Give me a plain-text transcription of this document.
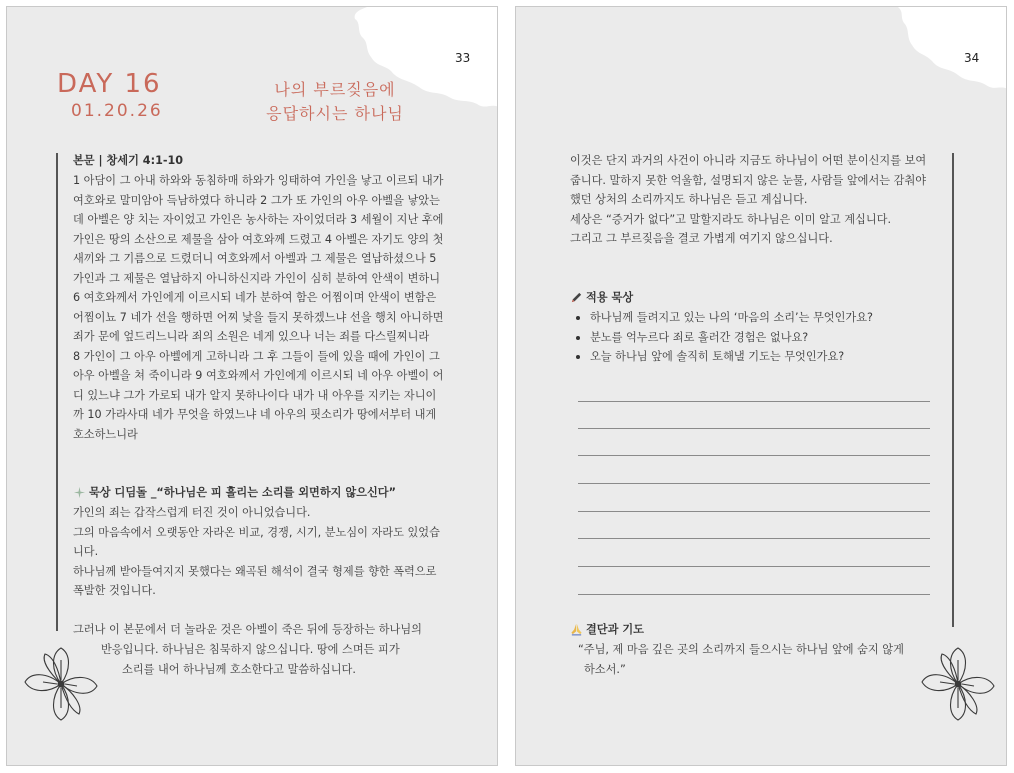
33
DAY 16
01.20.26
나의 부르짖음에
응답하시는 하나님
본문 | 창세기 4:1-10
1 아담이 그 아내 하와와 동침하매 하와가 잉태하여 가인을 낳고 이르되 내가
여호와로 말미암아 득남하였다 하니라 2 그가 또 가인의 아우 아벨을 낳았는
데 아벨은 양 치는 자이었고 가인은 농사하는 자이었더라 3 세월이 지난 후에
가인은 땅의 소산으로 제물을 삼아 여호와께 드렸고 4 아벨은 자기도 양의 첫
새끼와 그 기름으로 드렸더니 여호와께서 아벨과 그 제물은 열납하셨으나 5
가인과 그 제물은 열납하지 아니하신지라 가인이 심히 분하여 안색이 변하니
6 여호와께서 가인에게 이르시되 네가 분하여 함은 어찜이며 안색이 변함은
어찜이뇨 7 네가 선을 행하면 어찌 낯을 들지 못하겠느냐 선을 행치 아니하면
죄가 문에 엎드리느니라 죄의 소원은 네게 있으나 너는 죄를 다스릴찌니라
8 가인이 그 아우 아벨에게 고하니라 그 후 그들이 들에 있을 때에 가인이 그
아우 아벨을 쳐 죽이니라 9 여호와께서 가인에게 이르시되 네 아우 아벨이 어
디 있느냐 그가 가로되 내가 알지 못하나이다 내가 내 아우를 지키는 자니이
까 10 가라사대 네가 무엇을 하였느냐 네 아우의 핏소리가 땅에서부터 내게
호소하느니라
묵상 디딤돌 _“하나님은 피 흘리는 소리를 외면하지 않으신다”
가인의 죄는 갑작스럽게 터진 것이 아니었습니다.
그의 마음속에서 오랫동안 자라온 비교, 경쟁, 시기, 분노심이 자라도 있었습
니다.
하나님께 받아들여지지 못했다는 왜곡된 해석이 결국 형제를 향한 폭력으로
폭발한 것입니다.
그러나 이 본문에서 더 놀라운 것은 아벨이 죽은 뒤에 등장하는 하나님의
반응입니다. 하나님은 침묵하지 않으십니다. 땅에 스며든 피가
소리를 내어 하나님께 호소한다고 말씀하십니다.
34
이것은 단지 과거의 사건이 아니라 지금도 하나님이 어떤 분이신지를 보여
줍니다. 말하지 못한 억울함, 설명되지 않은 눈물, 사람들 앞에서는 감춰야
했던 상처의 소리까지도 하나님은 듣고 계십니다.
세상은 “증거가 없다”고 말할지라도 하나님은 이미 알고 계십니다.
그리고 그 부르짖음을 결코 가볍게 여기지 않으십니다.
적용 묵상
하나님께 들려지고 있는 나의 ‘마음의 소리’는 무엇인가요?
분노를 억누르다 죄로 흘러간 경험은 없나요?
오늘 하나님 앞에 솔직히 토해낼 기도는 무엇인가요?
결단과 기도
“주님, 제 마음 깊은 곳의 소리까지 들으시는 하나님 앞에 숨지 않게
하소서.”
